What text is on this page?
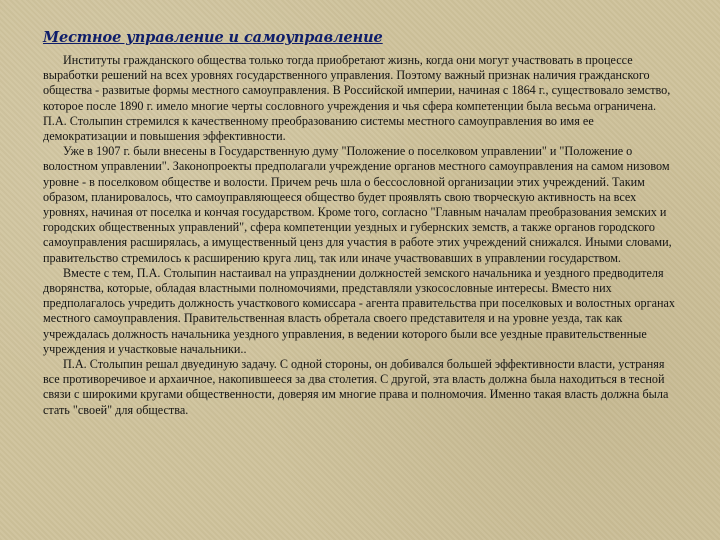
Местное управление и самоуправление

Институты гражданского общества только тогда приобретают жизнь, когда они могут участвовать в процессе выработки решений на всех уровнях государственного управления. Поэтому важный признак наличия гражданского общества - развитые формы местного самоуправления. В Российской империи, начиная с 1864 г., существовало земство, которое после 1890 г. имело многие черты сословного учреждения и чья сфера компетенции была весьма ограничена. П.А. Столыпин стремился к качественному преобразованию системы местного самоуправления во имя ее демократизации и повышения эффективности.

Уже в 1907 г. были внесены в Государственную думу "Положение о поселковом управлении" и "Положение о волостном управлении". Законопроекты предполагали учреждение органов местного самоуправления на самом низовом уровне - в поселковом обществе и волости. Причем речь шла о бессословной организации этих учреждений. Таким образом, планировалось, что самоуправляющееся общество будет проявлять свою творческую активность на всех уровнях, начиная от поселка и кончая государством. Кроме того, согласно "Главным началам преобразования земских и городских общественных управлений", сфера компетенции уездных и губернских земств, а также органов городского самоуправления расширялась, а имущественный ценз для участия в работе этих учреждений снижался. Иными словами, правительство стремилось к расширению круга лиц, так или иначе участвовавших в управлении государством.

Вместе с тем, П.А. Столыпин настаивал на упразднении должностей земского начальника и уездного предводителя дворянства, которые, обладая властными полномочиями, представляли узкосословные интересы. Вместо них предполагалось учредить должность участкового комиссара - агента правительства при поселковых и волостных органах местного самоуправления. Правительственная власть обретала своего представителя и на уровне уезда, так как учреждалась должность начальника уездного управления, в ведении которого были все уездные правительственные учреждения и участковые начальники..

П.А. Столыпин решал двуединую задачу. С одной стороны, он добивался большей эффективности власти, устраняя все противоречивое и архаичное, накопившееся за два столетия. С другой, эта власть должна была находиться в тесной связи с широкими кругами общественности, доверяя им многие права и полномочия. Именно такая власть должна была стать "своей" для общества.
